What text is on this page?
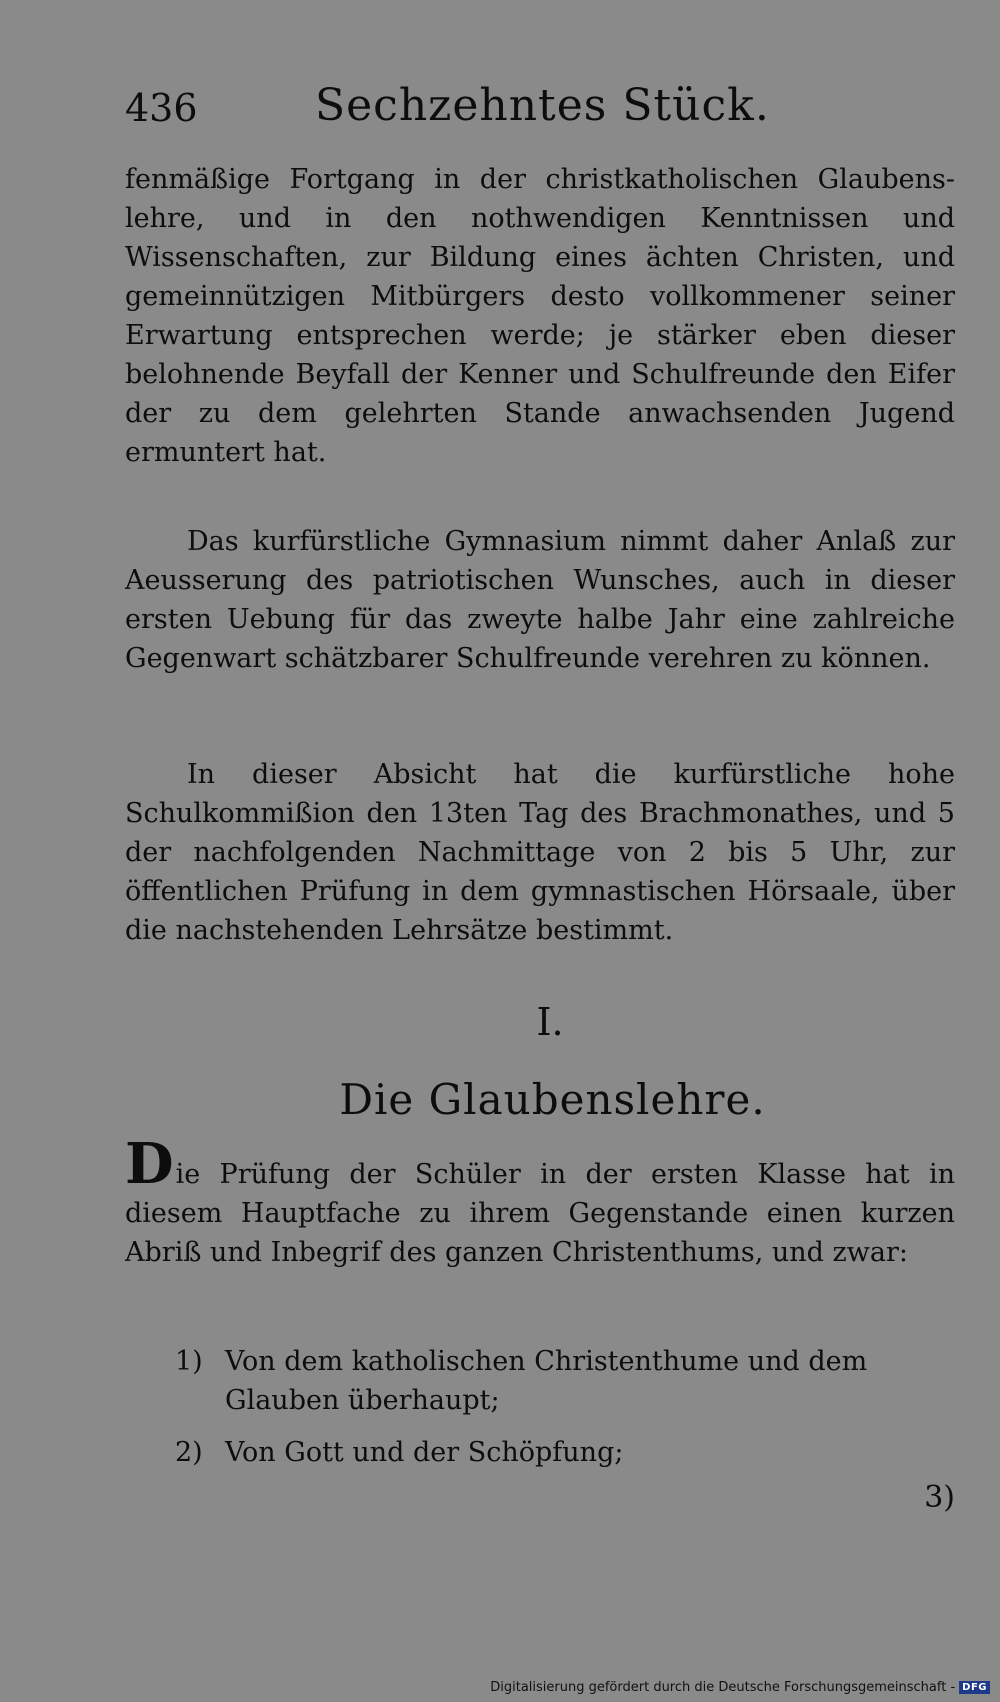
436	Sechzehntes Stück.

fenmäßige Fortgang in der christkatholischen Glaubens-lehre, und in den nothwendigen Kenntnissen und Wissenschaften, zur Bildung eines ächten Christen, und gemeinnützigen Mitbürgers desto vollkommener seiner Erwartung entsprechen werde; je stärker eben dieser belohnende Beyfall der Kenner und Schulfreunde den Eifer der zu dem gelehrten Stande anwachsenden Jugend ermuntert hat.

Das kurfürstliche Gymnasium nimmt daher Anlaß zur Aeusserung des patriotischen Wunsches, auch in dieser ersten Uebung für das zweyte halbe Jahr eine zahlreiche Gegenwart schätzbarer Schulfreunde verehren zu können.

In dieser Absicht hat die kurfürstliche hohe Schulkommißion den 13ten Tag des Brachmonathes, und 5 der nachfolgenden Nachmittage von 2 bis 5 Uhr, zur öffentlichen Prüfung in dem gymnastischen Hörsaale, über die nachstehenden Lehrsätze bestimmt.

I.
Die Glaubenslehre.

Die Prüfung der Schüler in der ersten Klasse hat in diesem Hauptfache zu ihrem Gegenstande einen kurzen Abriß und Inbegrif des ganzen Christenthums, und zwar:

1) Von dem katholischen Christenthume und dem Glauben überhaupt;
2) Von Gott und der Schöpfung;
3)
Digitalisierung gefördert durch die Deutsche Forschungsgemeinschaft - DFG
